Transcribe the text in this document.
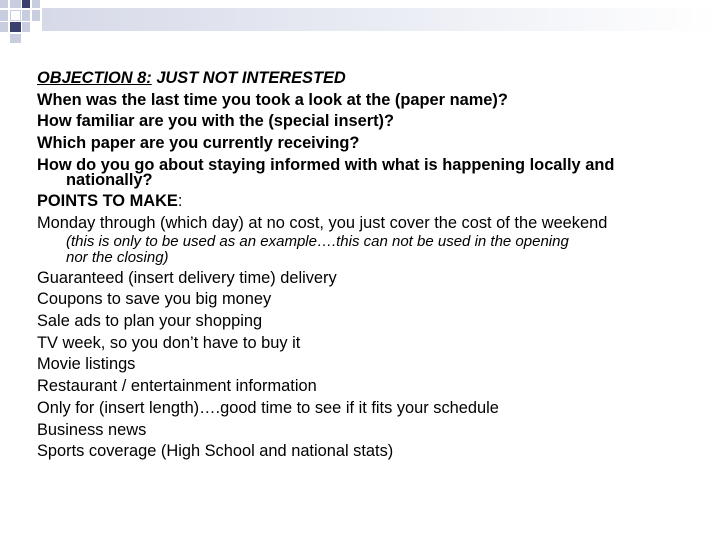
OBJECTION 8: JUST NOT INTERESTED
When was the last time you took a look at the (paper name)?
How familiar are you with the (special insert)?
Which paper are you currently receiving?
How do you go about staying informed with what is happening locally and
nationally?
POINTS TO MAKE:
Monday through (which day) at no cost, you just cover the cost of the weekend
(this is only to be used as an example….this can not be used in the opening
nor the closing)
Guaranteed (insert delivery time) delivery
Coupons to save you big money
Sale ads to plan your shopping
TV week, so you don’t have to buy it
Movie listings
Restaurant / entertainment information
Only for (insert length)….good time to see if it fits your schedule
Business news
Sports coverage (High School and national stats)
